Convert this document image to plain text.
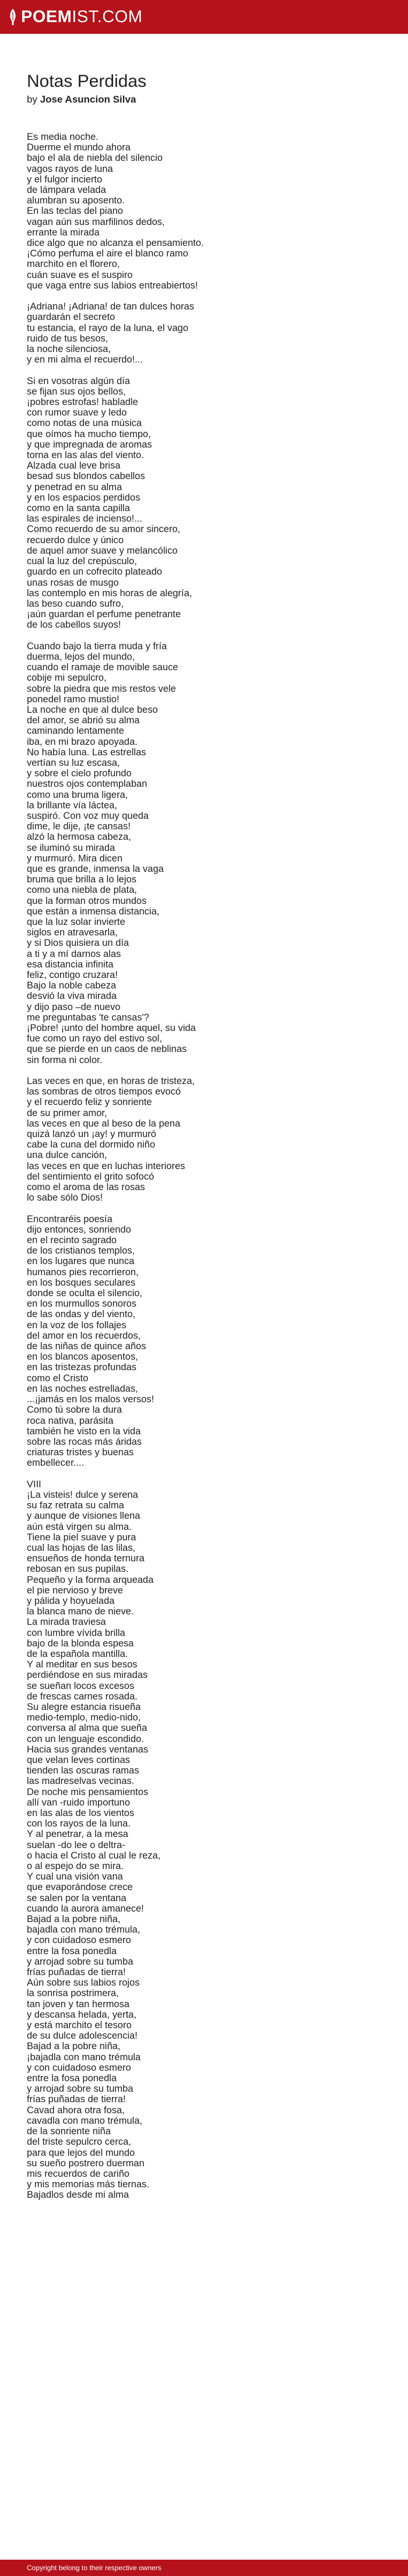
POEM IST.COM
Notas Perdidas
by Jose Asuncion Silva
Es media noche.
Duerme el mundo ahora
bajo el ala de niebla del silencio
vagos rayos de luna
y el fulgor incierto
de lámpara velada
alumbran su aposento.
En las teclas del piano
vagan aún sus marfilinos dedos,
errante la mirada
dice algo que no alcanza el pensamiento.
¡Cómo perfuma el aire el blanco ramo
marchito en el florero,
cuán suave es el suspiro
que vaga entre sus labios entreabiertos!
¡Adriana! ¡Adriana! de tan dulces horas
guardarán el secreto
tu estancia, el rayo de la luna, el vago
ruido de tus besos,
la noche silenciosa,
y en mi alma el recuerdo!...
Si en vosotras algún día
se fijan sus ojos bellos,
¡pobres estrofas! habladle
con rumor suave y ledo
como notas de una música
que oímos ha mucho tiempo,
y que impregnada de aromas
torna en las alas del viento.
Alzada cual leve brisa
besad sus blondos cabellos
y penetrad en su alma
y en los espacios perdidos
como en la santa capilla
las espirales de incienso!...
Como recuerdo de su amor sincero,
recuerdo dulce y único
de aquel amor suave y melancólico
cual la luz del crepúsculo,
guardo en un cofrecito plateado
unas rosas de musgo
las contemplo en mis horas de alegría,
las beso cuando sufro,
¡aún guardan el perfume penetrante
de los cabellos suyos!
Cuando bajo la tierra muda y fría
duerma, lejos del mundo,
cuando el ramaje de movible sauce
cobije mi sepulcro,
sobre la piedra que mis restos vele
ponedel ramo mustio!
La noche en que al dulce beso
del amor, se abrió su alma
caminando lentamente
iba, en mi brazo apoyada.
No había luna. Las estrellas
vertían su luz escasa,
y sobre el cielo profundo
nuestros ojos contemplaban
como una bruma ligera,
la brillante vía láctea,
suspiró. Con voz muy queda
dime, le dije, ¡te cansas!
alzó la hermosa cabeza,
se iluminó su mirada
y murmuró. Mira dicen
que es grande, inmensa la vaga
bruma que brilla a lo lejos
como una niebla de plata,
que la forman otros mundos
que están a inmensa distancia,
que la luz solar invierte
siglos en atravesarla,
y si Dios quisiera un día
a ti y a mí darnos alas
esa distancia infinita
feliz, contigo cruzara!
Bajo la noble cabeza
desvió la viva mirada
y dijo paso –de nuevo
me preguntabas 'te cansas'?
¡Pobre! ¡unto del hombre aquel, su vida
fue como un rayo del estivo sol,
que se pierde en un caos de neblinas
sin forma ni color.
Las veces en que, en horas de tristeza,
las sombras de otros tiempos evocó
y el recuerdo feliz y sonriente
de su primer amor,
las veces en que al beso de la pena
quizá lanzó un ¡ay! y murmuró
cabe la cuna del dormido niño
una dulce canción,
las veces en que en luchas interiores
del sentimiento el grito sofocó
como el aroma de las rosas
lo sabe sólo Dios!
Encontraréis poesía
dijo entonces, sonriendo
en el recinto sagrado
de los cristianos templos,
en los lugares que nunca
humanos pies recorrieron,
en los bosques seculares
donde se oculta el silencio,
en los murmullos sonoros
de las ondas y del viento,
en la voz de los follajes
del amor en los recuerdos,
de las niñas de quince años
en los blancos aposentos,
en las tristezas profundas
como el Cristo
en las noches estrelladas,
...¡jamás en los malos versos!
Como tú sobre la dura
roca nativa, parásita
también he visto en la vida
sobre las rocas más áridas
criaturas tristes y buenas
embellecer....
VIII
¡La visteis! dulce y serena
su faz retrata su calma
y aunque de visiones llena
aún está virgen su alma.
Tiene la piel suave y pura
cual las hojas de las lilas,
ensueños de honda ternura
rebosan en sus pupilas.
Pequeño y la forma arqueada
el pie nervioso y breve
y pálida y hoyuelada
la blanca mano de nieve.
La mirada traviesa
con lumbre vívida brilla
bajo de la blonda espesa
de la española mantilla.
Y al meditar en sus besos
perdiéndose en sus miradas
se sueñan locos excesos
de frescas carnes rosada.
Su alegre estancia risueña
medio-templo, medio-nido,
conversa al alma que sueña
con un lenguaje escondido.
Hacia sus grandes ventanas
que velan leves cortinas
tienden las oscuras ramas
las madreselvas vecinas.
De noche mis pensamientos
allí van -ruido importuno
en las alas de los vientos
con los rayos de la luna.
Y al penetrar, a la mesa
suelan -do lee o deltra-
o hacia el Cristo al cual le reza,
o al espejo do se mira.
Y cual una visión vana
que evaporándose crece
se salen por la ventana
cuando la aurora amanece!
Bajad a la pobre niña,
bajadla con mano trémula,
y con cuidadoso esmero
entre la fosa ponedla
y arrojad sobre su tumba
frías puñadas de tierra!
Aún sobre sus labios rojos
la sonrisa postrimera,
tan joven y tan hermosa
y descansa helada, yerta,
y está marchito el tesoro
de su dulce adolescencia!
Bajad a la pobre niña,
¡bajadla con mano trémula
y con cuidadoso esmero
entre la fosa ponedla
y arrojad sobre su tumba
frías puñadas de tierra!
Cavad ahora otra fosa,
cavadla con mano trémula,
de la sonriente niña
del triste sepulcro cerca,
para que lejos del mundo
su sueño postrero duerman
mis recuerdos de cariño
y mis memorias más tiernas.
Bajadlos desde mi alma
Copyright belong to their respective owners
